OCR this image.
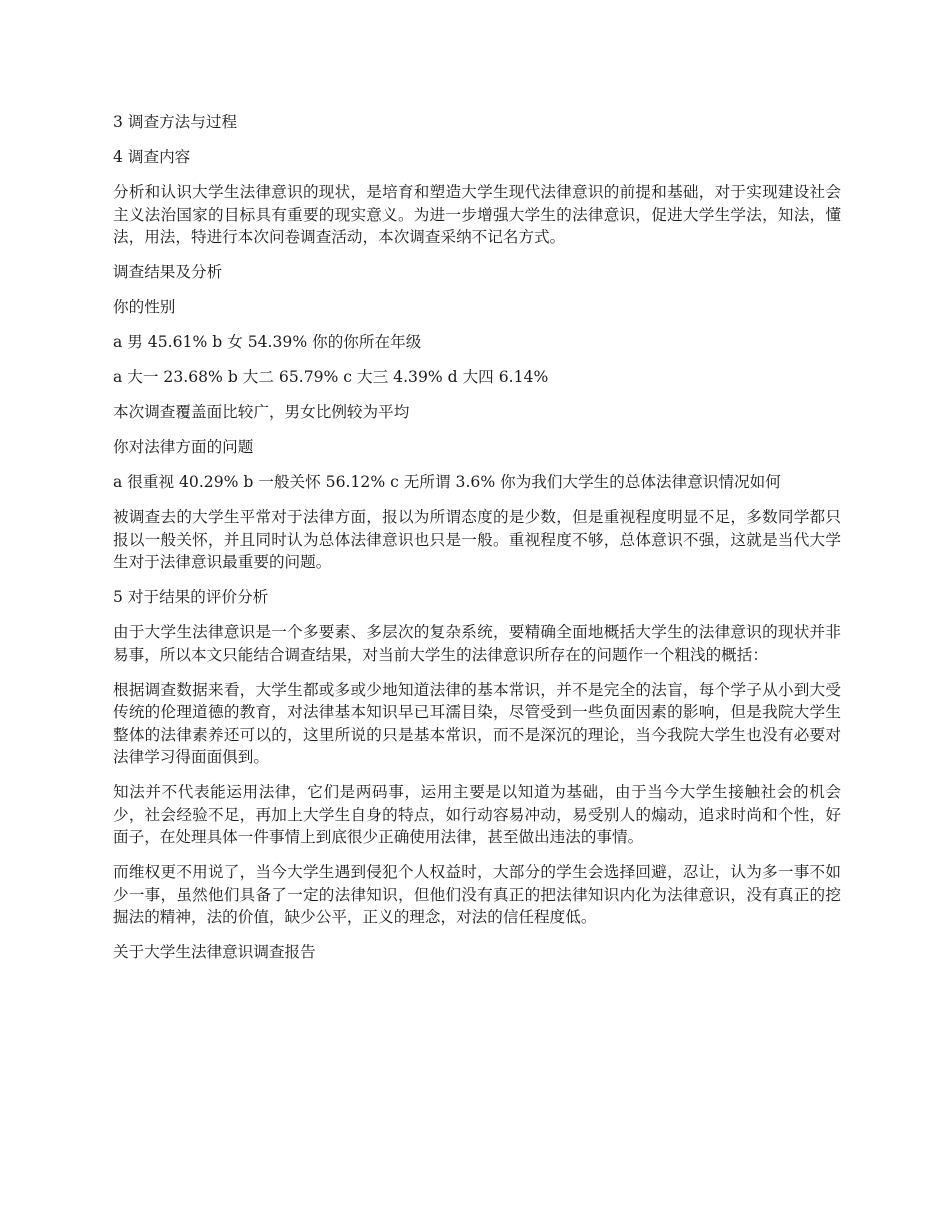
3 调查方法与过程

4 调查内容

分析和认识大学生法律意识的现状，是培育和塑造大学生现代法律意识的前提和基础，对于实现建设社会主义法治国家的目标具有重要的现实意义。为进一步增强大学生的法律意识，促进大学生学法，知法，懂法，用法，特进行本次问卷调查活动，本次调查采纳不记名方式。

调查结果及分析

你的性别

a 男 45.61% b 女 54.39% 你的你所在年级

a 大一 23.68% b 大二 65.79% c 大三 4.39% d 大四 6.14%

本次调查覆盖面比较广，男女比例较为平均

你对法律方面的问题

a 很重视 40.29% b 一般关怀 56.12% c 无所谓 3.6% 你为我们大学生的总体法律意识情况如何

被调查去的大学生平常对于法律方面，报以为所谓态度的是少数，但是重视程度明显不足，多数同学都只报以一般关怀，并且同时认为总体法律意识也只是一般。重视程度不够，总体意识不强，这就是当代大学生对于法律意识最重要的问题。

5 对于结果的评价分析

由于大学生法律意识是一个多要素、多层次的复杂系统，要精确全面地概括大学生的法律意识的现状并非易事，所以本文只能结合调查结果，对当前大学生的法律意识所存在的问题作一个粗浅的概括：

根据调查数据来看，大学生都或多或少地知道法律的基本常识，并不是完全的法盲，每个学子从小到大受传统的伦理道德的教育，对法律基本知识早已耳濡目染，尽管受到一些负面因素的影响，但是我院大学生整体的法律素养还可以的，这里所说的只是基本常识，而不是深沉的理论，当今我院大学生也没有必要对法律学习得面面俱到。

知法并不代表能运用法律，它们是两码事，运用主要是以知道为基础，由于当今大学生接触社会的机会少，社会经验不足，再加上大学生自身的特点，如行动容易冲动，易受别人的煽动，追求时尚和个性，好面子，在处理具体一件事情上到底很少正确使用法律，甚至做出违法的事情。

而维权更不用说了，当今大学生遇到侵犯个人权益时，大部分的学生会选择回避，忍让，认为多一事不如少一事，虽然他们具备了一定的法律知识，但他们没有真正的把法律知识内化为法律意识，没有真正的挖掘法的精神，法的价值，缺少公平，正义的理念，对法的信任程度低。

关于大学生法律意识调查报告
